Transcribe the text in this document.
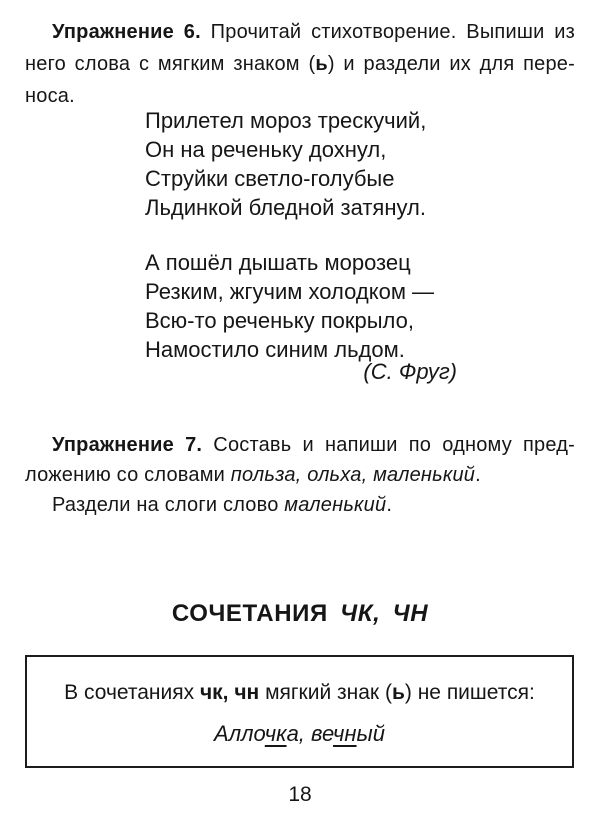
Упражнение 6. Прочитай стихотворение. Выпиши из
него слова с мягким знаком (ь) и раздели их для пере-
носа.
Прилетел мороз трескучий,
Он на реченьку дохнул,
Струйки светло-голубые
Льдинкой бледной затянул.
А пошёл дышать морозец
Резким, жгучим холодком —
Всю-то реченьку покрыло,
Намостило синим льдом.
(С. Фруг)
Упражнение 7. Составь и напиши по одному пред-
ложению со словами польза, ольха, маленький.
Раздели на слоги слово маленький.
СОЧЕТАНИЯ ЧК, ЧН
В сочетаниях чк, чн мягкий знак (ь) не пишется:
Аллочка, вечный
18
